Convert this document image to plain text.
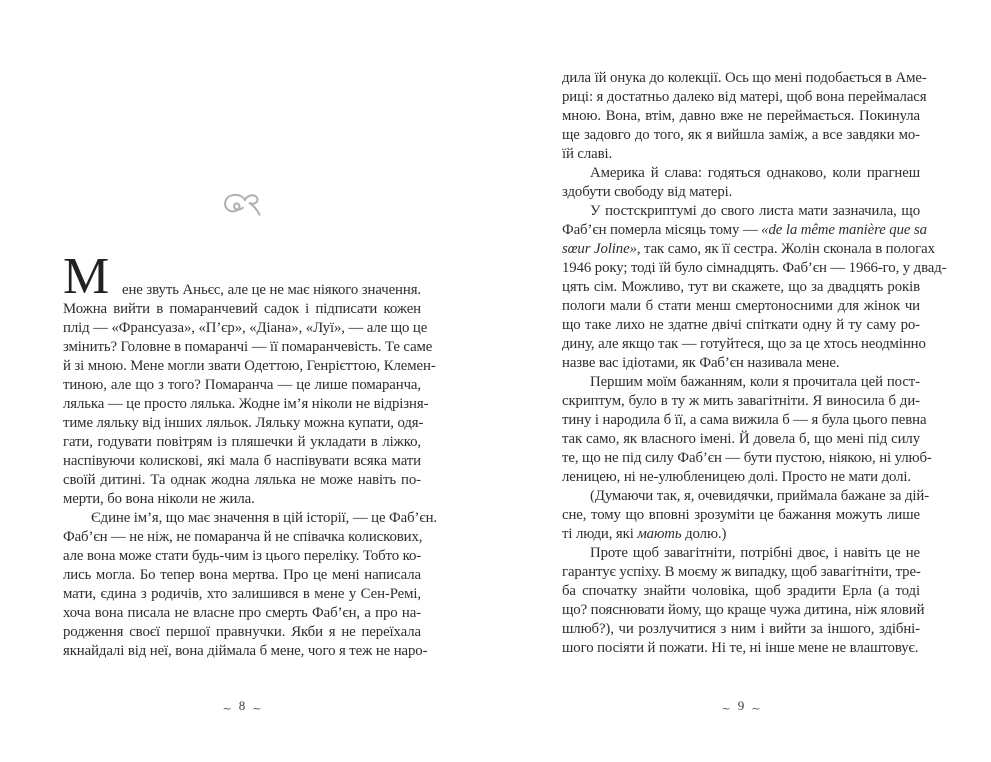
М ене звуть Аньєс, але це не має ніякого значення.
Можна вийти в помаранчевий садок і підписати кожен
плід — «Франсуаза», «П’єр», «Діана», «Луї», — але що це
змінить? Головне в помаранчі — її помаранчевість. Те саме
й зі мною. Мене могли звати Одеттою, Генрієттою, Клемен-
тиною, але що з того? Помаранча — це лише помаранча,
лялька — це просто лялька. Жодне ім’я ніколи не відрізня-
тиме ляльку від інших ляльок. Ляльку можна купати, одя-
гати, годувати повітрям із пляшечки й укладати в ліжко,
наспівуючи колискові, які мала б наспівувати всяка мати
своїй дитині. Та однак жодна лялька не може навіть по-
мерти, бо вона ніколи не жила.
Єдине ім’я, що має значення в цій історії, — це Фаб’єн.
Фаб’єн — не ніж, не помаранча й не співачка колискових,
але вона може стати будь-чим із цього переліку. Тобто ко-
лись могла. Бо тепер вона мертва. Про це мені написала
мати, єдина з родичів, хто залишився в мене у Сен-Ремі,
хоча вона писала не власне про смерть Фаб’єн, а про на-
родження своєї першої правнучки. Якби я не переїхала
якнайдалі від неї, вона діймала б мене, чого я теж не наро-
~ 8 ~
дила їй онука до колекції. Ось що мені подобається в Аме-
риці: я достатньо далеко від матері, щоб вона переймалася
мною. Вона, втім, давно вже не переймається. Покинула
ще задовго до того, як я вийшла заміж, а все завдяки мо-
їй славі.
Америка й слава: годяться однаково, коли прагнеш
здобути свободу від матері.
У постскриптумі до свого листа мати зазначила, що
Фаб’єн померла місяць тому — «de la même manière que sa
sœur Joline», так само, як її сестра. Жолін сконала в пологах
1946 року; тоді їй було сімнадцять. Фаб’єн — 1966-го, у двад-
цять сім. Можливо, тут ви скажете, що за двадцять років
пологи мали б стати менш смертоносними для жінок чи
що таке лихо не здатне двічі спіткати одну й ту саму ро-
дину, але якщо так — готуйтеся, що за це хтось неодмінно
назве вас ідіотами, як Фаб’єн називала мене.
Першим моїм бажанням, коли я прочитала цей пост-
скриптум, було в ту ж мить завагітніти. Я виносила б ди-
тину і народила б її, а сама вижила б — я була цього певна
так само, як власного імені. Й довела б, що мені під силу
те, що не під силу Фаб’єн — бути пустою, ніякою, ні улюб-
леницею, ні не-улюбленицею долі. Просто не мати долі.
(Думаючи так, я, очевидячки, приймала бажане за дій-
сне, тому що вповні зрозуміти це бажання можуть лише
ті люди, які мають долю.)
Проте щоб завагітніти, потрібні двоє, і навіть це не
гарантує успіху. В моєму ж випадку, щоб завагітніти, тре-
ба спочатку знайти чоловіка, щоб зрадити Ерла (а тоді
що? пояснювати йому, що краще чужа дитина, ніж яловий
шлюб?), чи розлучитися з ним і вийти за іншого, здібні-
шого посіяти й пожати. Ні те, ні інше мене не влаштовує.
~ 9 ~
